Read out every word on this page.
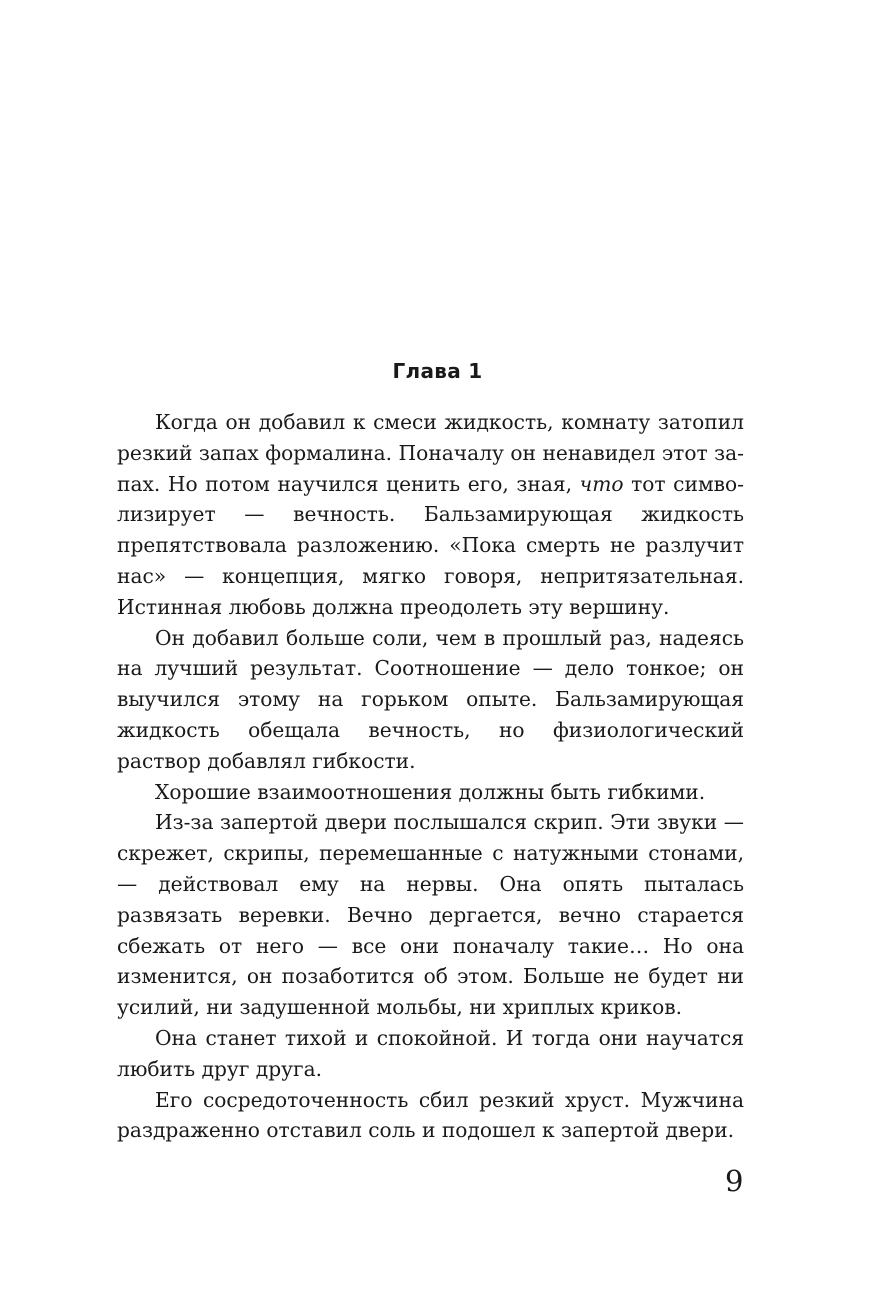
Глава 1

Когда он добавил к смеси жидкость, комнату затопил резкий запах формалина. Поначалу он ненавидел этот запах. Но потом научился ценить его, зная, что тот символизирует — вечность. Бальзамирующая жидкость препятствовала разложению. «Пока смерть не разлучит нас» — концепция, мягко говоря, непритязательная. Истинная любовь должна преодолеть эту вершину.

Он добавил больше соли, чем в прошлый раз, надеясь на лучший результат. Соотношение — дело тонкое; он выучился этому на горьком опыте. Бальзамирующая жидкость обещала вечность, но физиологический раствор добавлял гибкости.

Хорошие взаимоотношения должны быть гибкими.

Из-за запертой двери послышался скрип. Эти звуки — скрежет, скрипы, перемешанные с натужными стонами, — действовал ему на нервы. Она опять пыталась развязать веревки. Вечно дергается, вечно старается сбежать от него — все они поначалу такие… Но она изменится, он позаботится об этом. Больше не будет ни усилий, ни задушенной мольбы, ни хриплых криков.

Она станет тихой и спокойной. И тогда они научатся любить друг друга.

Его сосредоточенность сбил резкий хруст. Мужчина раздраженно отставил соль и подошел к запертой двери.

9
